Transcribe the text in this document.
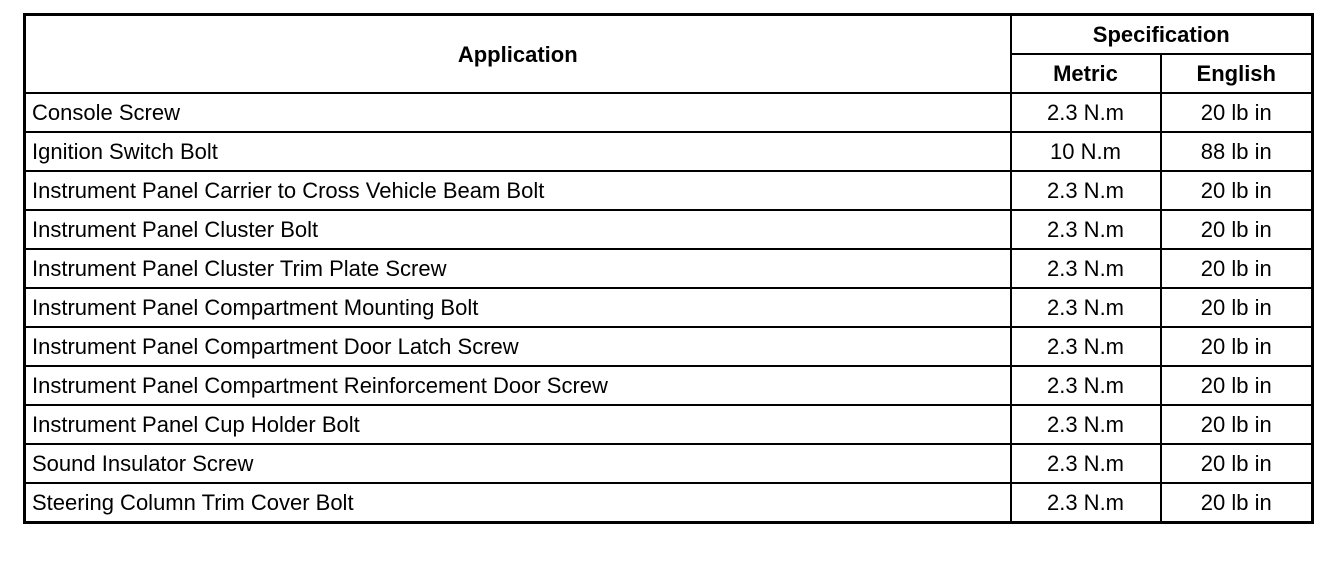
Application	Specification	
	Metric	English
Console Screw	2.3 N.m	20 lb in
Ignition Switch Bolt	10 N.m	88 lb in
Instrument Panel Carrier to Cross Vehicle Beam Bolt	2.3 N.m	20 lb in
Instrument Panel Cluster Bolt	2.3 N.m	20 lb in
Instrument Panel Cluster Trim Plate Screw	2.3 N.m	20 lb in
Instrument Panel Compartment Mounting Bolt	2.3 N.m	20 lb in
Instrument Panel Compartment Door Latch Screw	2.3 N.m	20 lb in
Instrument Panel Compartment Reinforcement Door Screw	2.3 N.m	20 lb in
Instrument Panel Cup Holder Bolt	2.3 N.m	20 lb in
Sound Insulator Screw	2.3 N.m	20 lb in
Steering Column Trim Cover Bolt	2.3 N.m	20 lb in
